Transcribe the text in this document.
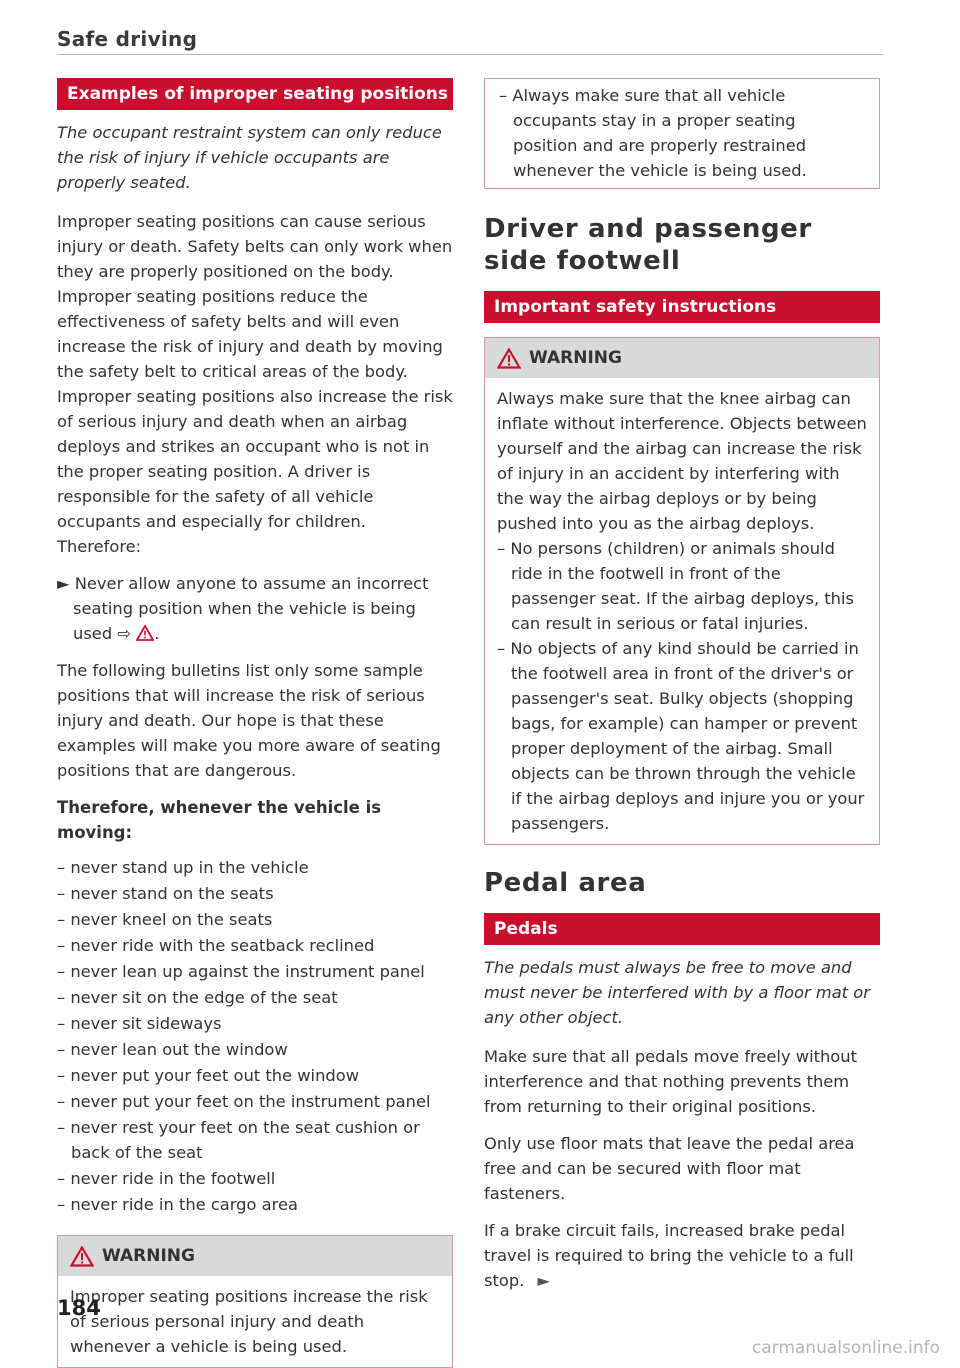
Safe driving
Examples of improper seating positions
The occupant restraint system can only reduce the risk of injury if vehicle occupants are properly seated.

Improper seating positions can cause serious injury or death. Safety belts can only work when they are properly positioned on the body. Improper seating positions reduce the effectiveness of safety belts and will even increase the risk of injury and death by moving the safety belt to critical areas of the body. Improper seating positions also increase the risk of serious injury and death when an airbag deploys and strikes an occupant who is not in the proper seating position. A driver is responsible for the safety of all vehicle occupants and especially for children. Therefore:

► Never allow anyone to assume an incorrect seating position when the vehicle is being used ⇨ .

The following bulletins list only some sample positions that will increase the risk of serious injury and death. Our hope is that these examples will make you more aware of seating positions that are dangerous.

Therefore, whenever the vehicle is moving:
– never stand up in the vehicle
– never stand on the seats
– never kneel on the seats
– never ride with the seatback reclined
– never lean up against the instrument panel
– never sit on the edge of the seat
– never sit sideways
– never lean out the window
– never put your feet out the window
– never put your feet on the instrument panel
– never rest your feet on the seat cushion or back of the seat
– never ride in the footwell
– never ride in the cargo area
WARNING
Improper seating positions increase the risk of serious personal injury and death whenever a vehicle is being used.
– Always make sure that all vehicle occupants stay in a proper seating position and are properly restrained whenever the vehicle is being used.
Driver and passenger side footwell
Important safety instructions
WARNING
Always make sure that the knee airbag can inflate without interference. Objects between yourself and the airbag can increase the risk of injury in an accident by interfering with the way the airbag deploys or by being pushed into you as the airbag deploys.
– No persons (children) or animals should ride in the footwell in front of the passenger seat. If the airbag deploys, this can result in serious or fatal injuries.
– No objects of any kind should be carried in the footwell area in front of the driver's or passenger's seat. Bulky objects (shopping bags, for example) can hamper or prevent proper deployment of the airbag. Small objects can be thrown through the vehicle if the airbag deploys and injure you or your passengers.
Pedal area
Pedals
The pedals must always be free to move and must never be interfered with by a floor mat or any other object.

Make sure that all pedals move freely without interference and that nothing prevents them from returning to their original positions.

Only use floor mats that leave the pedal area free and can be secured with floor mat fasteners.

If a brake circuit fails, increased brake pedal travel is required to bring the vehicle to a full stop. ►

184
carmanualsonline.info
